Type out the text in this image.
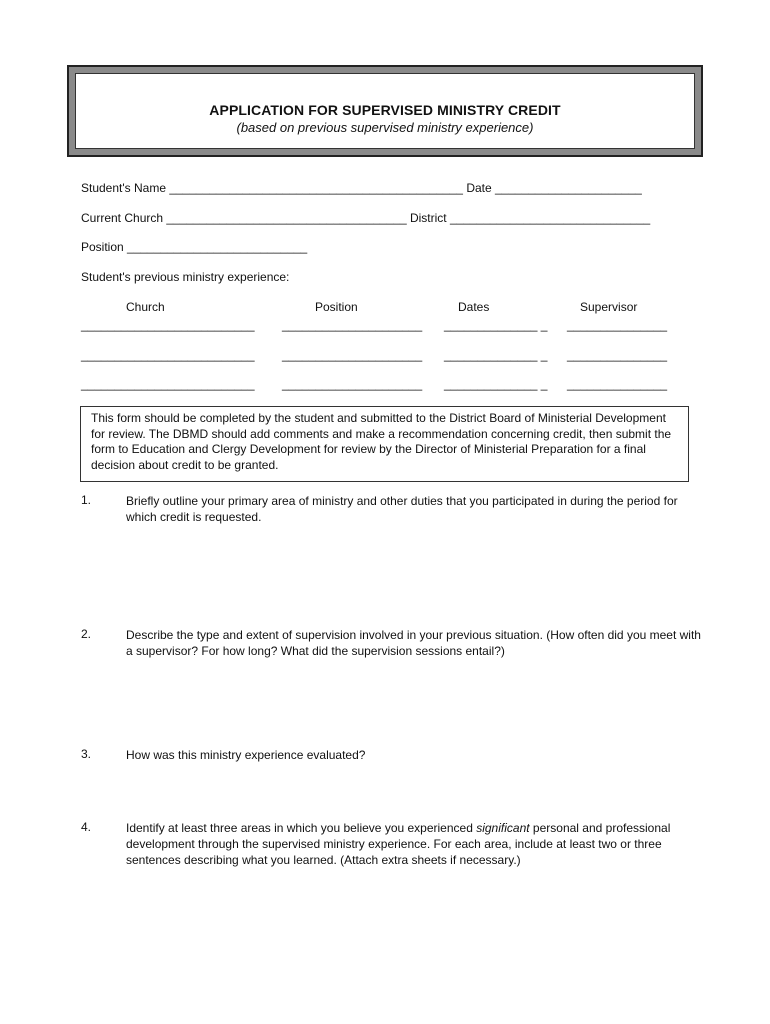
APPLICATION FOR SUPERVISED MINISTRY CREDIT
(based on previous supervised ministry experience)
Student's Name ____________________________________________ Date ______________________
Current Church ____________________________________ District ______________________________
Position ___________________________
Student's previous ministry experience:
Church	Position	Dates	Supervisor
__________________________ _____________________ ______________ _ _______________
__________________________ _____________________ ______________ _ _______________
__________________________ _____________________ ______________ _ _______________
This form should be completed by the student and submitted to the District Board of Ministerial Development for review. The DBMD should add comments and make a recommendation concerning credit, then submit the form to Education and Clergy Development for review by the Director of Ministerial Preparation for a final decision about credit to be granted.
1.	Briefly outline your primary area of ministry and other duties that you participated in during the period for which credit is requested.
2.	Describe the type and extent of supervision involved in your previous situation. (How often did you meet with a supervisor? For how long? What did the supervision sessions entail?)
3.	How was this ministry experience evaluated?
4.	Identify at least three areas in which you believe you experienced significant personal and professional development through the supervised ministry experience. For each area, include at least two or three sentences describing what you learned. (Attach extra sheets if necessary.)
